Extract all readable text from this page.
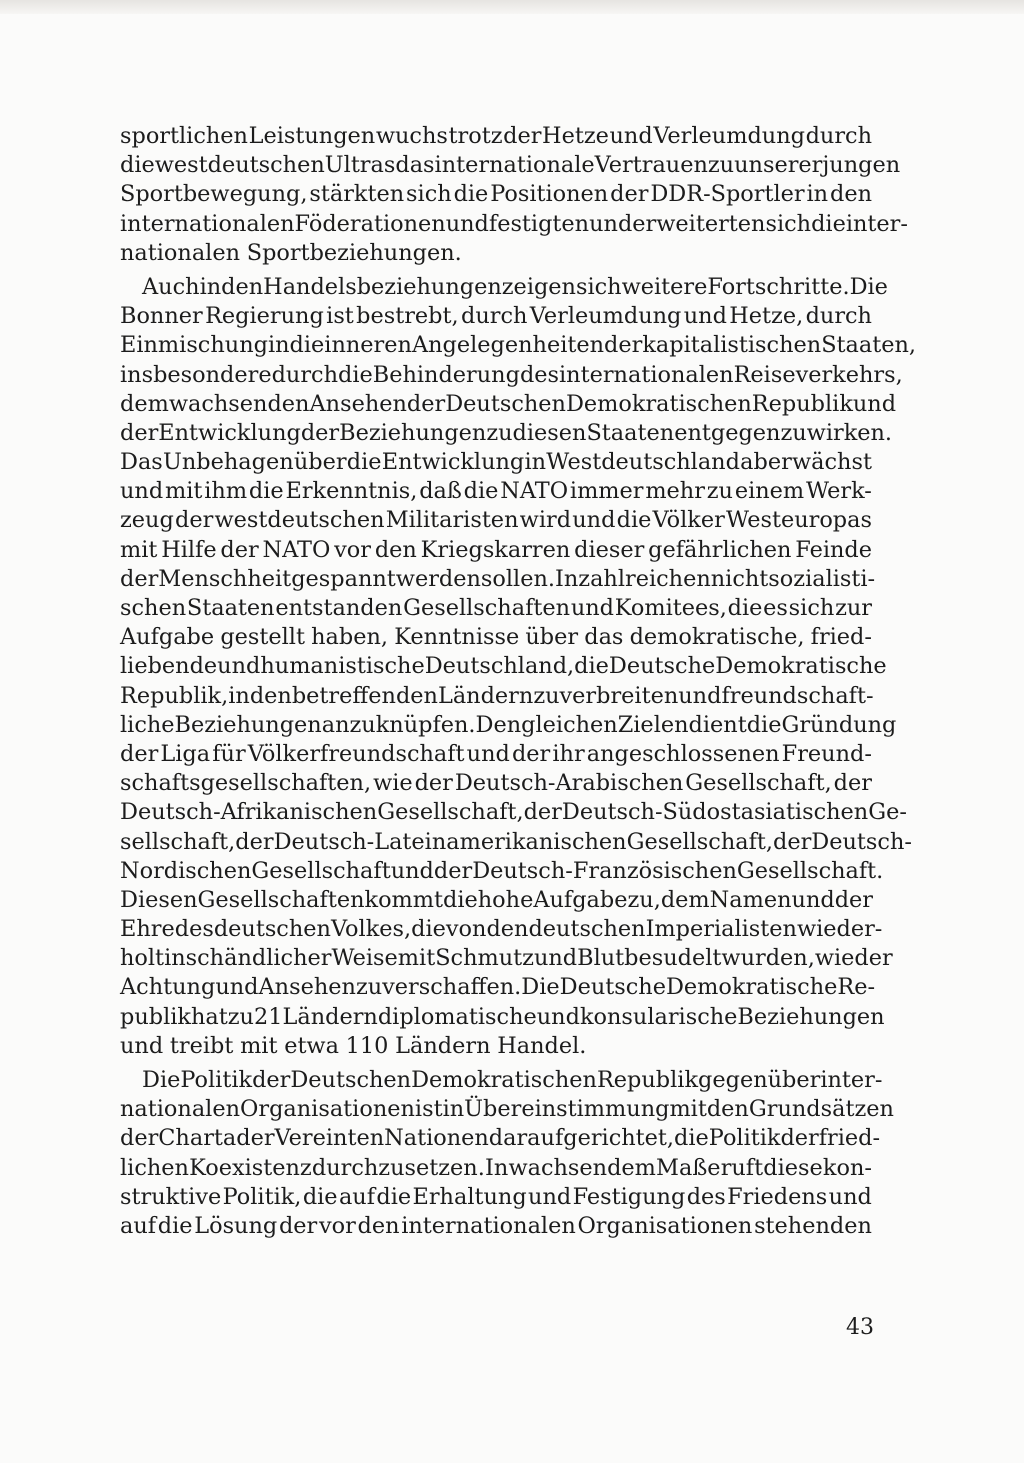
sportlichen Leistungen wuchs trotz der Hetze und Verleumdung durch
die westdeutschen Ultras das internationale Vertrauen zu unserer jungen
Sportbewegung, stärkten sich die Positionen der DDR-Sportler in den
internationalen Föderationen und festigten und erweiterten sich die inter-
nationalen Sportbeziehungen.
Auch in den Handelsbeziehungen zeigen sich weitere Fortschritte. Die
Bonner Regierung ist bestrebt, durch Verleumdung und Hetze, durch
Einmischung in die inneren Angelegenheiten der kapitalistischen Staaten,
insbesondere durch die Behinderung des internationalen Reiseverkehrs,
dem wachsenden Ansehen der Deutschen Demokratischen Republik und
der Entwicklung der Beziehungen zu diesen Staaten entgegenzuwirken.
Das Unbehagen über die Entwicklung in Westdeutschland aber wächst
und mit ihm die Erkenntnis, daß die NATO immer mehr zu einem Werk-
zeug der westdeutschen Militaristen wird und die Völker Westeuropas
mit Hilfe der NATO vor den Kriegskarren dieser gefährlichen Feinde
der Menschheit gespannt werden sollen. In zahlreichen nichtsozialisti-
schen Staaten entstanden Gesellschaften und Komitees, die es sich zur
Aufgabe gestellt haben, Kenntnisse über das demokratische, fried-
liebende und humanistische Deutschland, die Deutsche Demokratische
Republik, in den betreffenden Ländern zu verbreiten und freundschaft-
liche Beziehungen anzuknüpfen. Den gleichen Zielen dient die Gründung
der Liga für Völkerfreundschaft und der ihr angeschlossenen Freund-
schaftsgesellschaften, wie der Deutsch-Arabischen Gesellschaft, der
Deutsch-Afrikanischen Gesellschaft, der Deutsch-Südostasiatischen Ge-
sellschaft, der Deutsch-Lateinamerikanischen Gesellschaft, der Deutsch-
Nordischen Gesellschaft und der Deutsch-Französischen Gesellschaft.
Diesen Gesellschaften kommt die hohe Aufgabe zu, dem Namen und der
Ehre des deutschen Volkes, die von den deutschen Imperialisten wieder-
holt in schändlicher Weise mit Schmutz und Blut besudelt wurden, wieder
Achtung und Ansehen zu verschaffen. Die Deutsche Demokratische Re-
publik hat zu 21 Ländern diplomatische und konsularische Beziehungen
und treibt mit etwa 110 Ländern Handel.
Die Politik der Deutschen Demokratischen Republik gegenüber inter-
nationalen Organisationen ist in Übereinstimmung mit den Grundsätzen
der Charta der Vereinten Nationen darauf gerichtet, die Politik der fried-
lichen Koexistenz durchzusetzen. In wachsendem Maße ruft diese kon-
struktive Politik, die auf die Erhaltung und Festigung des Friedens und
auf die Lösung der vor den internationalen Organisationen stehenden
43
